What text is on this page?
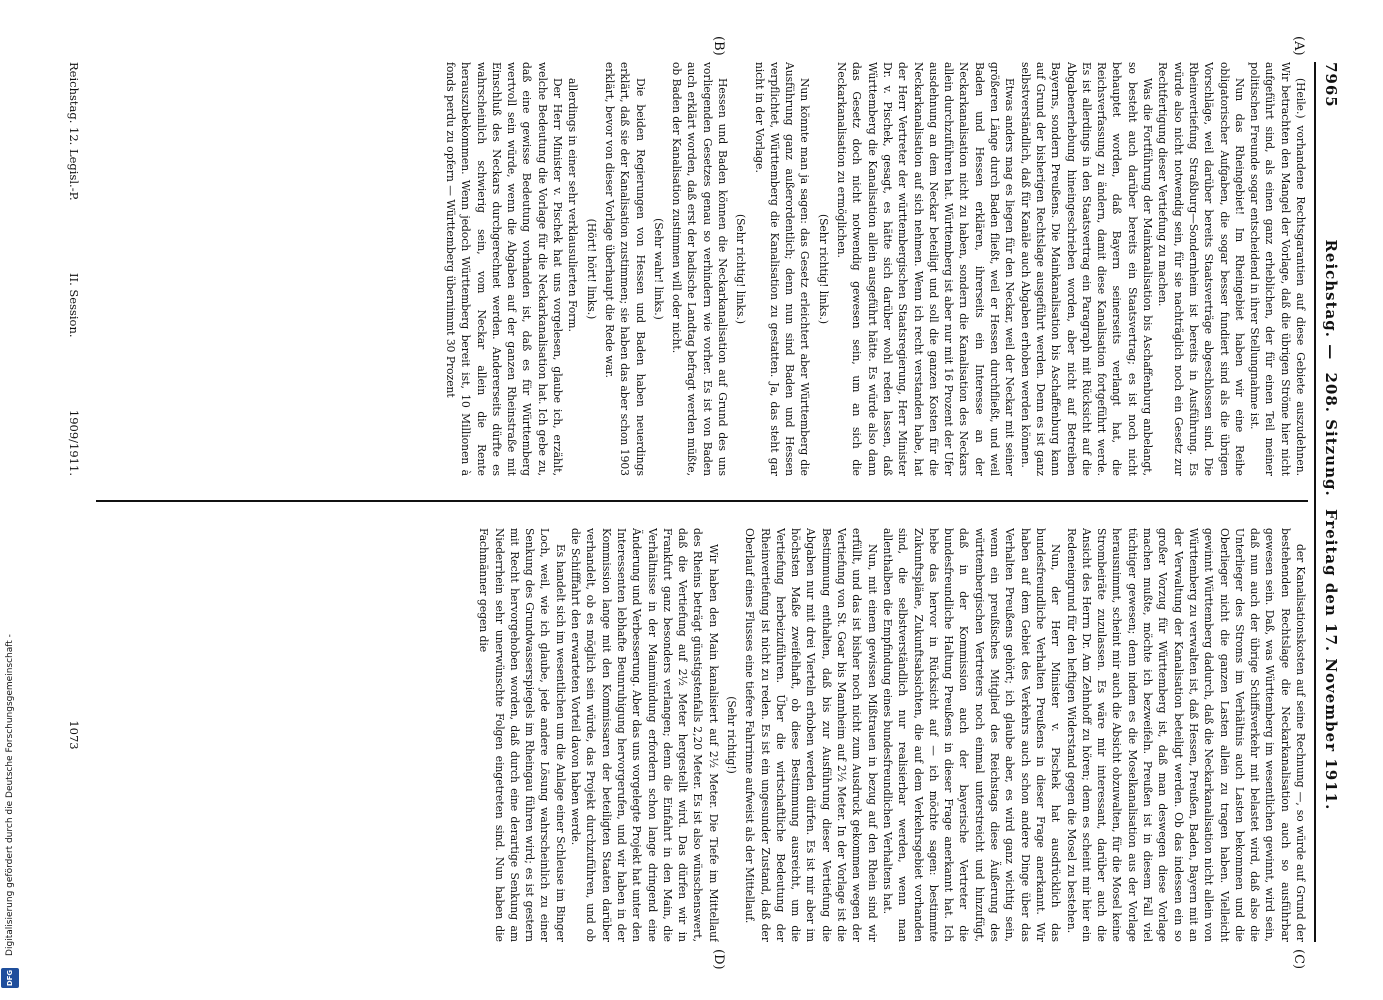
7965
Reichstag. — 208. Sitzung. Freitag den 17. November 1911.
(A)
(B)
(C)
(D)

(Heile.) vorhandene Rechtsgarantien auf diese Gebiete auszudehnen. Wir betrachten den Mangel der Vorlage, daß die übrigen Ströme hier nicht aufgeführt sind, als einen ganz erheblichen, der für einen Teil meiner politischen Freunde sogar entscheidend in ihrer Stellungnahme ist.

Nun das Rheingebiet! Im Rheingebiet haben wir eine Reihe obligatorischer Aufgaben, die sogar besser fundiert sind als die übrigen Vorschläge, weil darüber bereits Staatsverträge abgeschlossen sind. Die Rheinvertiefung Straßburg—Sondernheim ist bereits in Ausführung. Es würde also nicht notwendig sein, für sie nachträglich noch ein Gesetz zur Rechtfertigung dieser Vertiefung zu machen.

Was die Fortführung der Mainkanalisation bis Aschaffenburg anbelangt, so besteht auch darüber bereits ein Staatsvertrag; es ist noch nicht behauptet worden, daß Bayern seinerseits verlangt hat, die Reichsverfassung zu ändern, damit diese Kanalisation fortgeführt werde. Es ist allerdings in den Staatsvertrag ein Paragraph mit Rücksicht auf die Abgabenerhebung hineingeschrieben worden, aber nicht auf Betreiben Bayerns, sondern Preußens. Die Mainkanalisation bis Aschaffenburg kann auf Grund der bisherigen Rechtslage ausgeführt werden. Denn es ist ganz selbstverständlich, daß für Kanäle auch Abgaben erhoben werden können.

Etwas anders mag es liegen für den Neckar, weil der Neckar mit seiner größeren Länge durch Baden fließt, weil er Hessen durchfließt, und weil Baden und Hessen erklären, ihrerseits ein Interesse an der Neckarkanalisation nicht zu haben, sondern die Kanalisation des Neckars allein durchzuführen hat. Württemberg ist aber nur mit 16 Prozent der Ufer ausdehnung an dem Neckar beteiligt und soll die ganzen Kosten für die Neckarkanalisation auf sich nehmen. Wenn ich recht verstanden habe, hat der Herr Vertreter der württembergischen Staatsregierung, Herr Minister Dr. v. Pischek, gesagt, es hätte sich darüber wohl reden lassen, daß Württemberg die Kanalisation allein ausgeführt hätte. Es würde also dann das Gesetz doch nicht notwendig gewesen sein, um an sich die Neckarkanalisation zu ermöglichen.

(Sehr richtig! links.)

Nun könnte man ja sagen: das Gesetz erleichtert aber Württemberg die Ausführung ganz außerordentlich; denn nun sind Baden und Hessen verpflichtet, Württemberg die Kanalisation zu gestatten. Ja, das steht gar nicht in der Vorlage.

(Sehr richtig! links.)

Hessen und Baden können die Neckarkanalisation auf Grund des uns vorliegenden Gesetzes genau so verhindern wie vorher. Es ist von Baden auch erklärt worden, daß erst der badische Landtag befragt werden müßte, ob Baden der Kanalisation zustimmen will oder nicht.

(Sehr wahr! links.)

Die beiden Regierungen von Hessen und Baden haben neuerdings erklärt, daß sie der Kanalisation zustimmen; sie haben das aber schon 1903 erklärt, bevor von dieser Vorlage überhaupt die Rede war.

(Hört! hört! links.)

allerdings in einer sehr verklausulierten Form.

Der Herr Minister v. Pischek hat uns vorgelesen, glaube ich, erzählt, welche Bedeutung die Vorlage für die Neckarkanalisation hat. Ich gebe zu, daß eine gewisse Bedeutung vorhanden ist, daß es für Württemberg wertvoll sein würde, wenn die Abgaben auf der ganzen Rheinstraße mit Einschluß des Neckars durchgerechnet werden. Andererseits dürfte es wahrscheinlich schwierig sein, vom Neckar allein die Rente herauszubekommen. Wenn jedoch Württemberg bereit ist, 10 Millionen à fonds perdu zu opfern — Württemberg übernimmt 30 Prozent

der Kanalisationskosten auf seine Rechnung —, so würde auf Grund der bestehenden Rechtslage die Neckarkanalisation auch so ausführbar gewesen sein. Daß, was Württemberg im wesentlichen gewinnt, wird sein, daß nun auch der übrige Schiffsverkehr mit belastet wird, daß also die Unterlieger des Stroms im Verhältnis auch Lasten bekommen und die Oberlieger nicht die ganzen Lasten allein zu tragen haben. Vielleicht gewinnt Württemberg dadurch, daß die Neckarkanalisation nicht allein von Württemberg zu verwalten ist, daß Hessen, Preußen, Baden, Bayern mit an der Verwaltung der Kanalisation beteiligt werden. Ob das indessen ein so großer Vorzug für Württemberg ist, daß man deswegen diese Vorlage machen mußte, möchte ich bezweifeln. Preußen ist in diesem Fall viel tüchtiger gewesen; denn indem es die Moselkanalisation aus der Vorlage herausnimmt, scheint mir auch die Absicht obzuwalten, für die Mosel keine Strombeiräte zuzulassen. Es wäre mir interessant, darüber auch die Ansicht des Herrn Dr. Am Zehnhoff zu hören; denn es scheint mir hier ein Redeneingrund für den heftigen Widerstand gegen die Mosel zu bestehen.

Nun, der Herr Minister v. Pischek hat ausdrücklich das bundesfreundliche Verhalten Preußens in dieser Frage anerkannt. Wir haben auf dem Gebiet des Verkehrs auch schon andere Dinge über das Verhalten Preußens gehört; ich glaube aber, es wird ganz wichtig sein, wenn ein preußisches Mitglied des Reichstags diese Äußerung des württembergischen Vertreters noch einmal unterstreicht und hinzufügt, daß in der Kommission auch der bayerische Vertreter die bundesfreundliche Haltung Preußens in dieser Frage anerkannt hat. Ich hebe das hervor in Rücksicht auf — ich möchte sagen: bestimmte Zukunftspläne, Zukunftsabsichten, die auf dem Verkehrsgebiet vorhanden sind, die selbstverständlich nur realisierbar werden, wenn man allenthalben die Empfindung eines bundesfreundlichen Verhaltens hat.

Nun, mit einem gewissen Mißtrauen in bezug auf den Rhein sind wir erfüllt, und das ist bisher noch nicht zum Ausdruck gekommen wegen der Vertiefung von St. Goar bis Mannheim auf 2½ Meter. In der Vorlage ist die Bestimmung enthalten, daß bis zur Ausführung dieser Vertiefung die Abgaben nur mit drei Vierteln erhoben werden dürfen. Es ist mir aber im höchsten Maße zweifelhaft, ob diese Bestimmung ausreicht, um die Vertiefung herbeizuführen. Über die wirtschaftliche Bedeutung der Rheinvertiefung ist nicht zu reden. Es ist ein ungesunder Zustand, daß der Oberlauf eines Flusses eine tiefere Fahrrinne aufweist als der Mittellauf.

(Sehr richtig!)

Wir haben den Main kanalisiert auf 2½ Meter. Die Tiefe im Mittellauf des Rheins beträgt günstigstenfalls 2,20 Meter. Es ist also wünschenswert, daß die Vertiefung auf 2½ Meter hergestellt wird. Das dürfen wir in Frankfurt ganz besonders verlangen; denn die Einfahrt in den Main, die Verhältnisse in der Mainmündung erfordern schon lange dringend eine Änderung und Verbesserung. Aber das uns vorgelegte Projekt hat unter den Interessenten lebhafte Beunruhigung hervorgerufen, und wir haben in der Kommission lange mit den Kommissaren der beteiligten Staaten darüber verhandelt, ob es möglich sein würde, das Projekt durchzuführen, und ob die Schifffahrt den erwarteten Vorteil davon haben werde.

Es handelt sich im wesentlichen um die Anlage einer Schleuse im Binger Loch, weil, wie ich glaube, jede andere Lösung wahrscheinlich zu einer Senkung des Grundwasserspiegels im Rheingau führen wird; es ist gestern mit Recht hervorgehoben worden, daß durch eine derartige Senkung am Niederrhein sehr unerwünschte Folgen eingetreten sind. Nun haben die Fachmänner gegen die

Reichstag. 12. Legisl.-P.
II. Session.
1909/1911.
1073
Digitalisierung gefördert durch die Deutsche Forschungsgemeinschaft -
DFG
